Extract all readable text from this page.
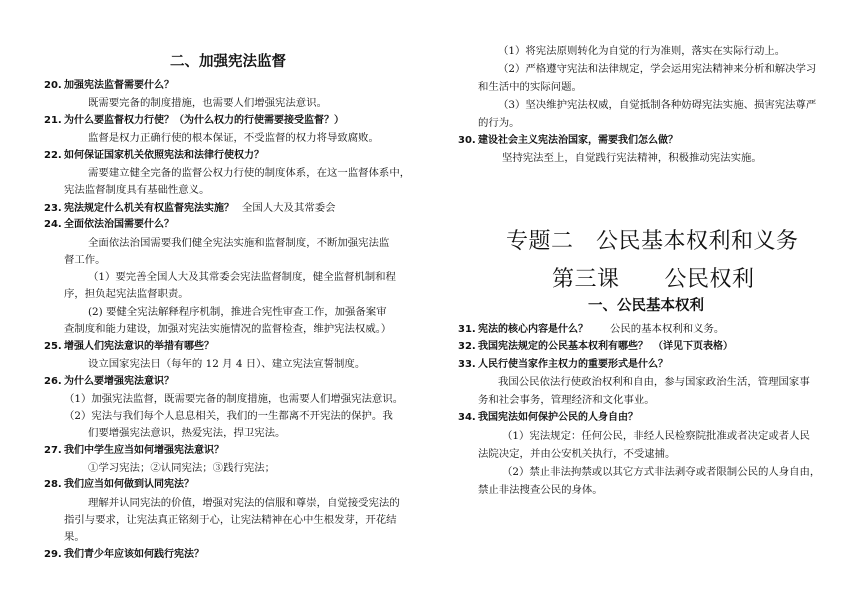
二、加强宪法监督
20. 加强宪法监督需要什么？
既需要完备的制度措施，也需要人们增强宪法意识。
21. 为什么要监督权力行使？（为什么权力的行使需要接受监督？）
监督是权力正确行使的根本保证，不受监督的权力将导致腐败。
22. 如何保证国家机关依照宪法和法律行使权力？
需要建立健全完备的监督公权力行使的制度体系，在这一监督体系中，
宪法监督制度具有基础性意义。
23. 宪法规定什么机关有权监督宪法实施？ 全国人大及其常委会
24. 全面依法治国需要什么？
全面依法治国需要我们健全宪法实施和监督制度，不断加强宪法监
督工作。
（1）要完善全国人大及其常委会宪法监督制度，健全监督机制和程
序，担负起宪法监督职责。
(2) 要健全宪法解释程序机制，推进合宪性审查工作，加强备案审
查制度和能力建设，加强对宪法实施情况的监督检查，维护宪法权威。）
25. 增强人们宪法意识的举措有哪些？
设立国家宪法日（每年的 12 月 4 日）、建立宪法宣誓制度。
26. 为什么要增强宪法意识？
（1）加强宪法监督，既需要完备的制度措施，也需要人们增强宪法意识。
（2）宪法与我们每个人息息相关，我们的一生都离不开宪法的保护。我
们要增强宪法意识，热爱宪法，捍卫宪法。
27. 我们中学生应当如何增强宪法意识？
①学习宪法；②认同宪法；③践行宪法；
28. 我们应当如何做到认同宪法？
理解并认同宪法的价值，增强对宪法的信服和尊崇，自觉接受宪法的
指引与要求，让宪法真正铭刻于心，让宪法精神在心中生根发芽，开花结
果。
29. 我们青少年应该如何践行宪法？
（1）将宪法原则转化为自觉的行为准则，落实在实际行动上。
（2）严格遵守宪法和法律规定，学会运用宪法精神来分析和解决学习
和生活中的实际问题。
（3）坚决维护宪法权威，自觉抵制各种妨碍宪法实施、损害宪法尊严
的行为。
30. 建设社会主义宪法治国家，需要我们怎么做？
坚持宪法至上，自觉践行宪法精神，积极推动宪法实施。
专题二　公民基本权利和义务
第三课　　公民权利
一、公民基本权利
31. 宪法的核心内容是什么？ 公民的基本权利和义务。
32. 我国宪法规定的公民基本权利有哪些？　（详见下页表格）
33. 人民行使当家作主权力的重要形式是什么？
我国公民依法行使政治权利和自由，参与国家政治生活，管理国家事
务和社会事务，管理经济和文化事业。
34. 我国宪法如何保护公民的人身自由？
（1）宪法规定：任何公民，非经人民检察院批准或者决定或者人民
法院决定，并由公安机关执行，不受逮捕。
（2）禁止非法拘禁或以其它方式非法剥夺或者限制公民的人身自由，
禁止非法搜查公民的身体。
